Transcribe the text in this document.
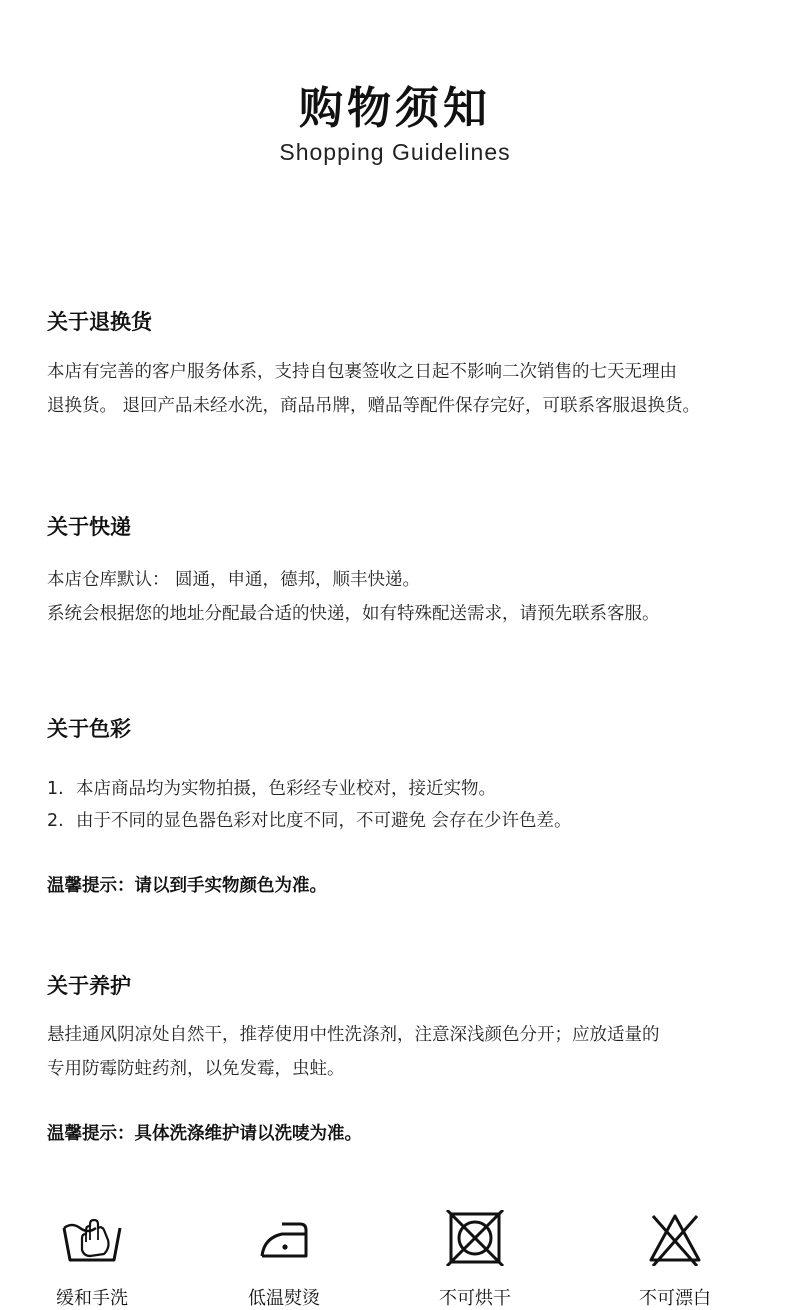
购物须知
Shopping Guidelines
关于退换货
本店有完善的客户服务体系，支持自包裹签收之日起不影响二次销售的七天无理由
退换货。 退回产品未经水洗，商品吊牌，赠品等配件保存完好，可联系客服退换货。
关于快递
本店仓库默认： 圆通，申通，德邦，顺丰快递。
系统会根据您的地址分配最合适的快递，如有特殊配送需求，请预先联系客服。
关于色彩
1. 本店商品均为实物拍摄，色彩经专业校对，接近实物。
2. 由于不同的显色器色彩对比度不同，不可避免 会存在少许色差。
温馨提示：请以到手实物颜色为准。
关于养护
悬挂通风阴凉处自然干，推荐使用中性洗涤剂，注意深浅颜色分开；应放适量的
专用防霉防蛀药剂，以免发霉，虫蛀。
温馨提示：具体洗涤维护请以洗唛为准。
缓和手洗	低温熨烫	不可烘干	不可漂白
